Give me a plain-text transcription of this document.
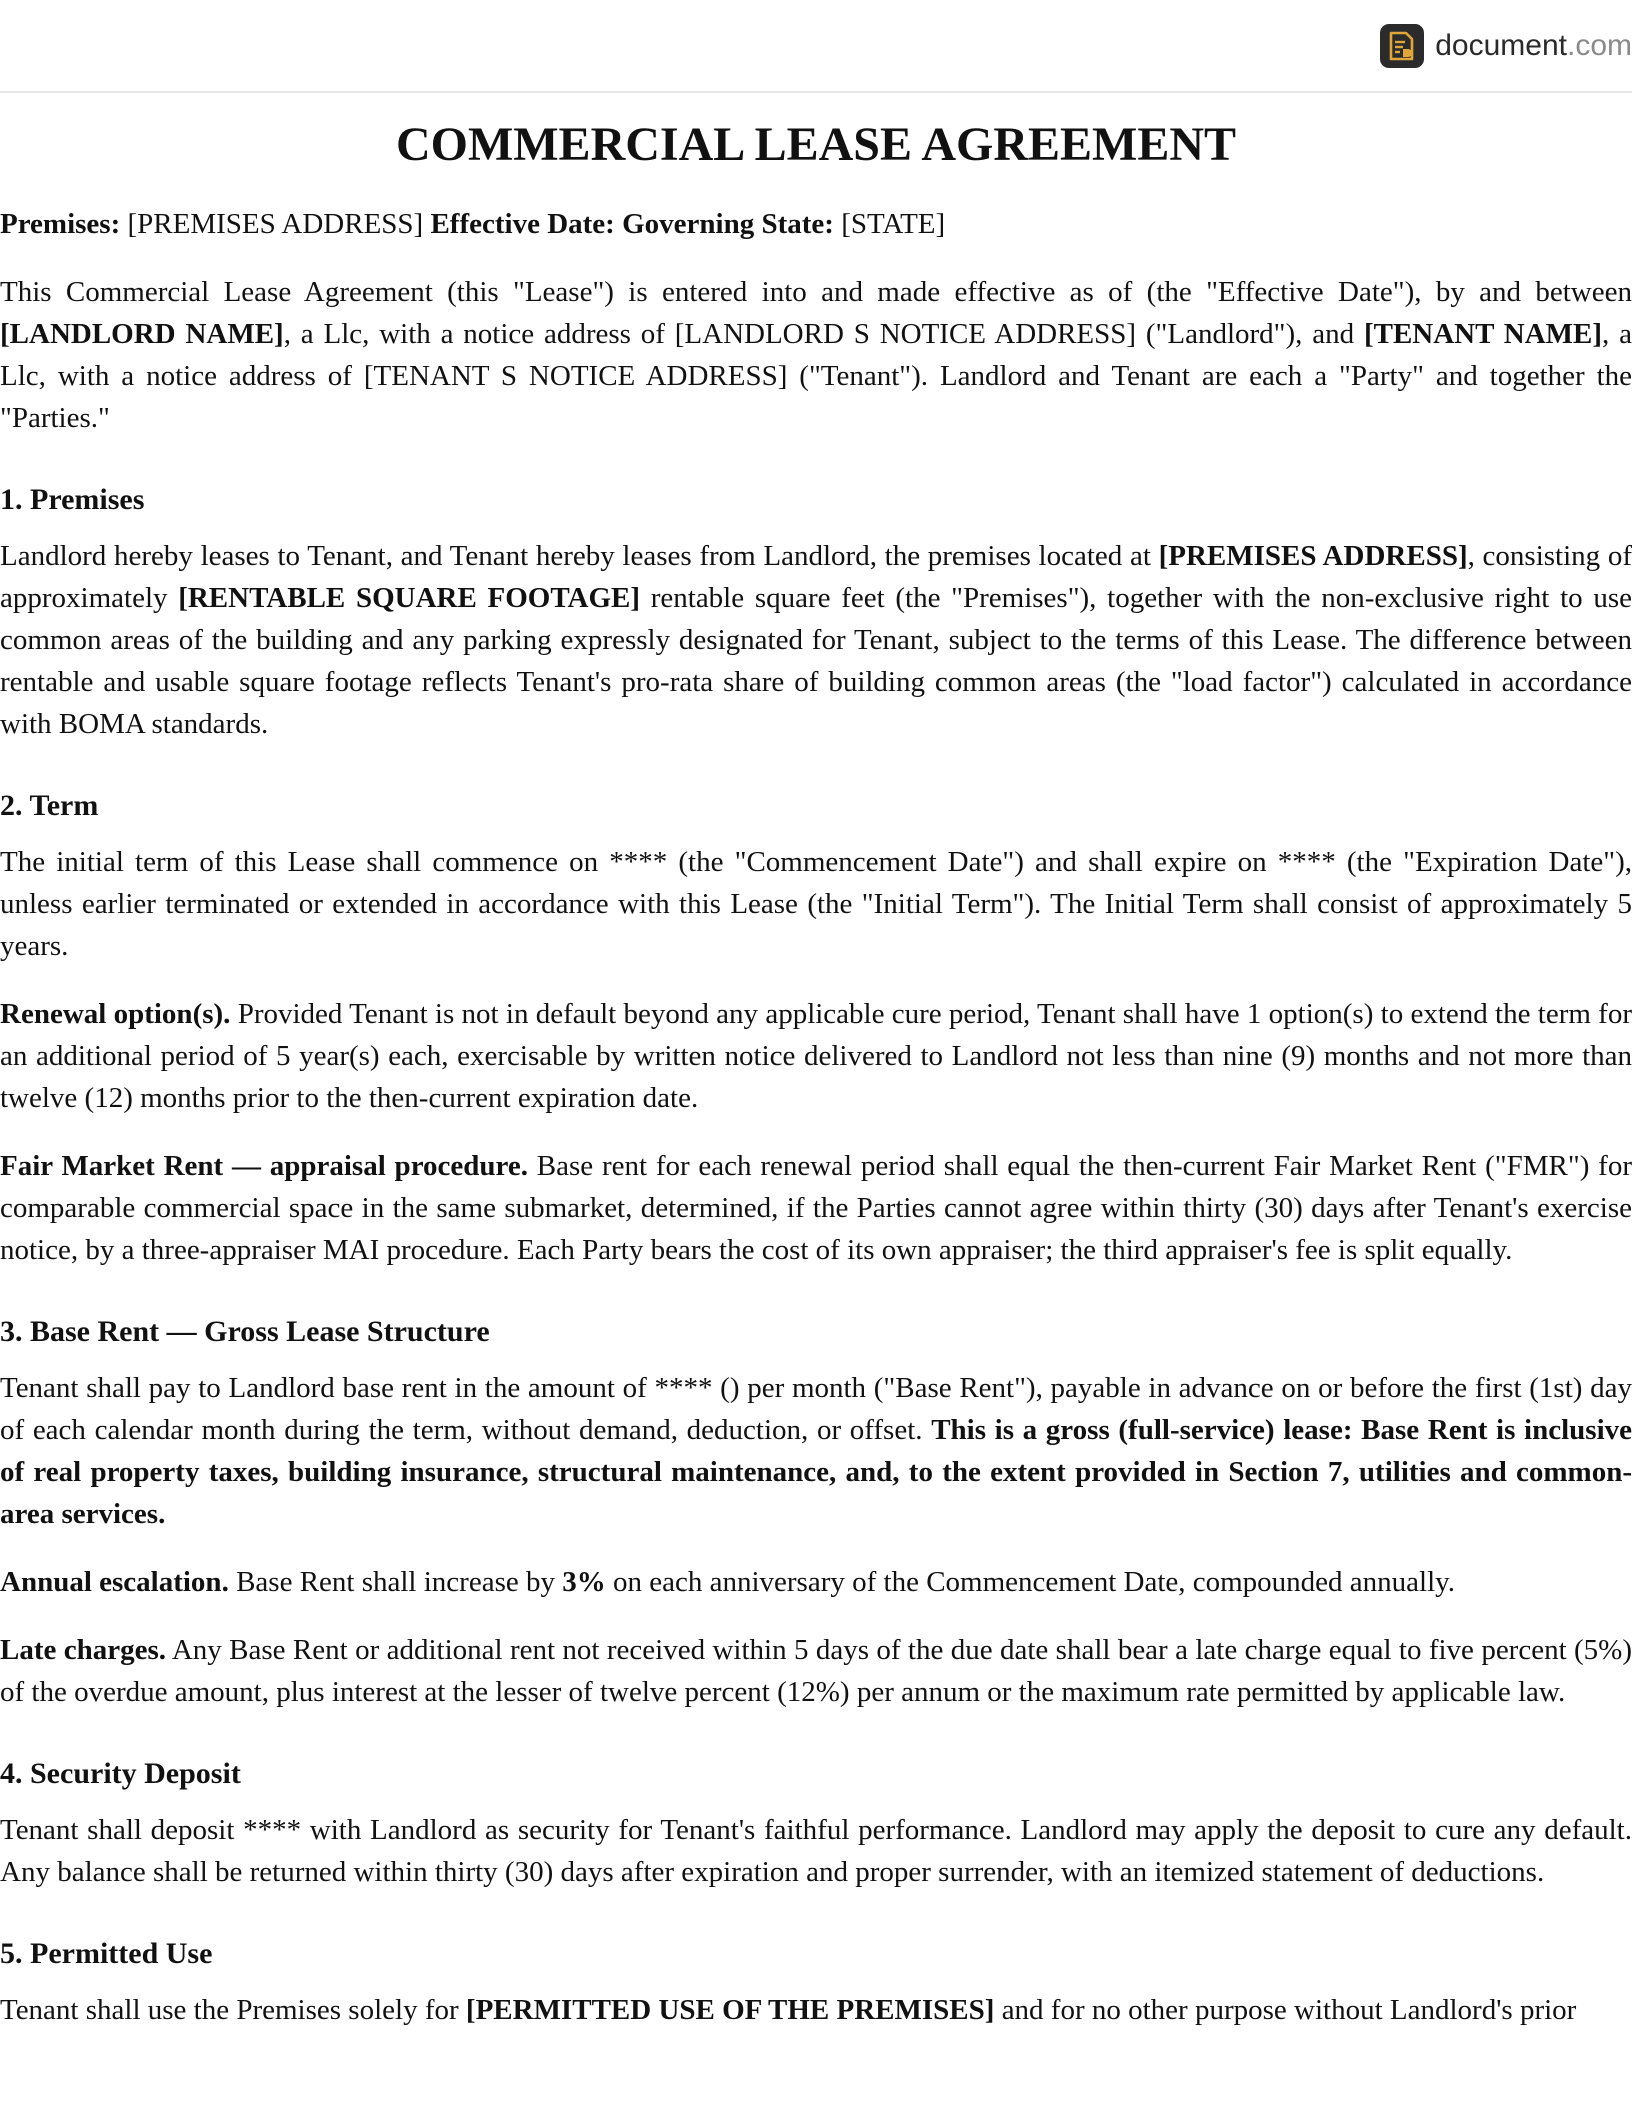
document.com
COMMERCIAL LEASE AGREEMENT
Premises: [PREMISES ADDRESS] Effective Date: Governing State: [STATE]

This Commercial Lease Agreement (this "Lease") is entered into and made effective as of (the "Effective Date"), by and between [LANDLORD NAME], a Llc, with a notice address of [LANDLORD S NOTICE ADDRESS] ("Landlord"), and [TENANT NAME], a Llc, with a notice address of [TENANT S NOTICE ADDRESS] ("Tenant"). Landlord and Tenant are each a "Party" and together the "Parties."

1. Premises

Landlord hereby leases to Tenant, and Tenant hereby leases from Landlord, the premises located at [PREMISES ADDRESS], consisting of approximately [RENTABLE SQUARE FOOTAGE] rentable square feet (the "Premises"), together with the non-exclusive right to use common areas of the building and any parking expressly designated for Tenant, subject to the terms of this Lease. The difference between rentable and usable square footage reflects Tenant's pro-rata share of building common areas (the "load factor") calculated in accordance with BOMA standards.

2. Term

The initial term of this Lease shall commence on **** (the "Commencement Date") and shall expire on **** (the "Expiration Date"), unless earlier terminated or extended in accordance with this Lease (the "Initial Term"). The Initial Term shall consist of approximately 5 years.

Renewal option(s). Provided Tenant is not in default beyond any applicable cure period, Tenant shall have 1 option(s) to extend the term for an additional period of 5 year(s) each, exercisable by written notice delivered to Landlord not less than nine (9) months and not more than twelve (12) months prior to the then-current expiration date.

Fair Market Rent — appraisal procedure. Base rent for each renewal period shall equal the then-current Fair Market Rent ("FMR") for comparable commercial space in the same submarket, determined, if the Parties cannot agree within thirty (30) days after Tenant's exercise notice, by a three-appraiser MAI procedure. Each Party bears the cost of its own appraiser; the third appraiser's fee is split equally.

3. Base Rent — Gross Lease Structure

Tenant shall pay to Landlord base rent in the amount of **** () per month ("Base Rent"), payable in advance on or before the first (1st) day of each calendar month during the term, without demand, deduction, or offset. This is a gross (full-service) lease: Base Rent is inclusive of real property taxes, building insurance, structural maintenance, and, to the extent provided in Section 7, utilities and common-area services.

Annual escalation. Base Rent shall increase by 3% on each anniversary of the Commencement Date, compounded annually.

Late charges. Any Base Rent or additional rent not received within 5 days of the due date shall bear a late charge equal to five percent (5%) of the overdue amount, plus interest at the lesser of twelve percent (12%) per annum or the maximum rate permitted by applicable law.

4. Security Deposit

Tenant shall deposit **** with Landlord as security for Tenant's faithful performance. Landlord may apply the deposit to cure any default. Any balance shall be returned within thirty (30) days after expiration and proper surrender, with an itemized statement of deductions.

5. Permitted Use

Tenant shall use the Premises solely for [PERMITTED USE OF THE PREMISES] and for no other purpose without Landlord's prior
